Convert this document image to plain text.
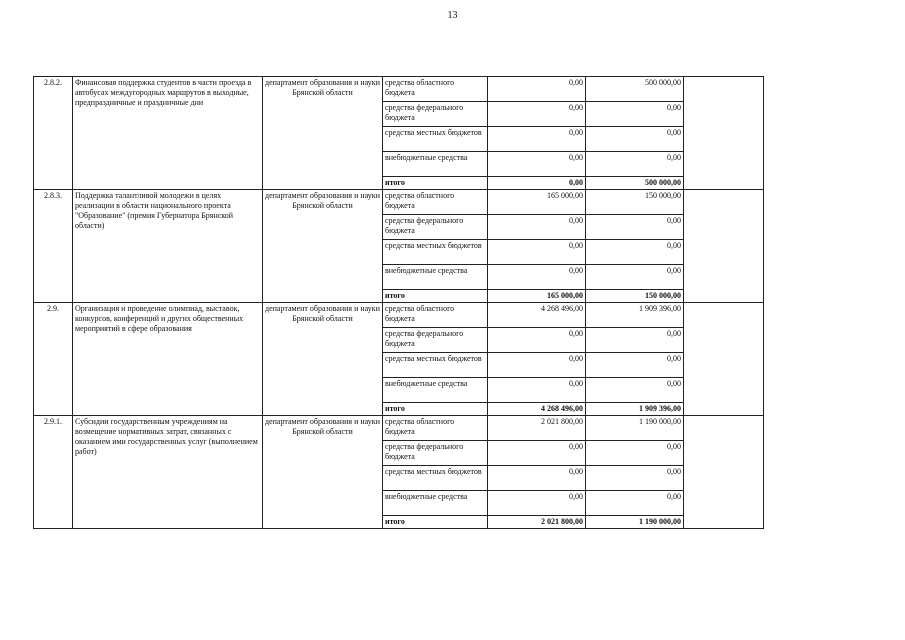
13
2.8.2.	Финансовая поддержка студентов в части проезда в автобусах междугородных маршрутов в выходные, предпраздничные и праздничные дни	департамент образования и науки Брянской области	средства областного бюджета	0,00	500 000,00	
			средства федерального бюджета	0,00	0,00	
			средства местных бюджетов	0,00	0,00	
			внебюджетные средства	0,00	0,00	
			итого	0,00	500 000,00	
2.8.3.	Поддержка талантливой молодежи в целях реализации в области национального проекта "Образование" (премия Губернатора Брянской области)	департамент образования и науки Брянской области	средства областного бюджета	165 000,00	150 000,00	
			средства федерального бюджета	0,00	0,00	
			средства местных бюджетов	0,00	0,00	
			внебюджетные средства	0,00	0,00	
			итого	165 000,00	150 000,00	
2.9.	Организация и проведение олимпиад, выставок, конкурсов, конференций и других общественных мероприятий в сфере образования	департамент образования и науки Брянской области	средства областного бюджета	4 268 496,00	1 909 396,00	
			средства федерального бюджета	0,00	0,00	
			средства местных бюджетов	0,00	0,00	
			внебюджетные средства	0,00	0,00	
			итого	4 268 496,00	1 909 396,00	
2.9.1.	Субсидии государственным учреждениям на возмещение нормативных затрат, связанных с оказанием ими государственных услуг (выполнением работ)	департамент образования и науки Брянской области	средства областного бюджета	2 021 800,00	1 190 000,00	
			средства федерального бюджета	0,00	0,00	
			средства местных бюджетов	0,00	0,00	
			внебюджетные средства	0,00	0,00	
			итого	2 021 800,00	1 190 000,00	
